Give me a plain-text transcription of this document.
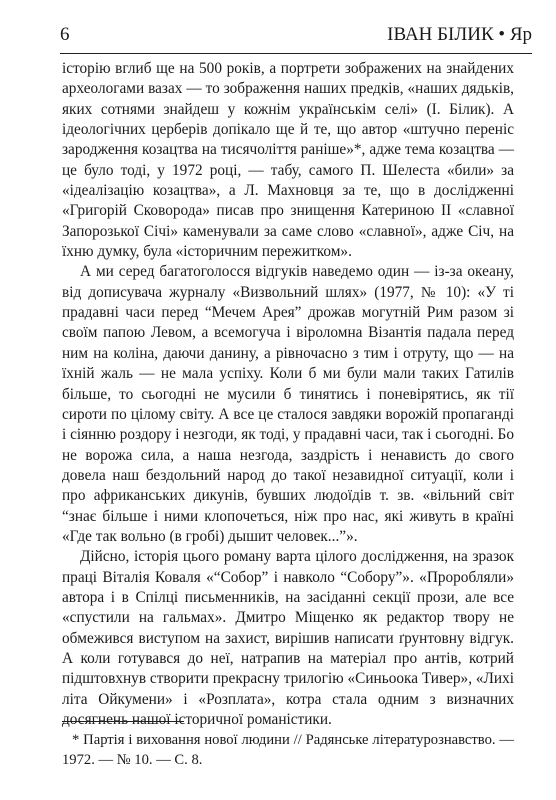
6	ІВАН БІЛИК • Яр

історію вглиб ще на 500 років, а портрети зображених на знайдених археологами вазах — то зображення наших предків, «наших дядьків, яких сотнями знайдеш у кожнім українськім селі» (І. Білик). А ідеологічних церберів допікало ще й те, що автор «штучно переніс зародження козацтва на тисячоліття раніше»*, адже тема козацтва — це було тоді, у 1972 році, — табу, самого П. Шелеста «били» за «ідеалізацію козацтва», а Л. Махновця за те, що в дослідженні «Григорій Сковорода» писав про знищення Катериною II «славної Запорозької Січі» каменували за саме слово «славної», адже Січ, на їхню думку, була «історичним пережитком».

А ми серед багатоголосся відгуків наведемо один — із-за океану, від дописувача журналу «Визвольний шлях» (1977, № 10): «У ті прадавні часи перед “Мечем Арея” дрожав могутній Рим разом зі своїм папою Левом, а всемогуча і віроломна Візантія падала перед ним на коліна, даючи данину, а рівночасно з тим і отруту, що — на їхній жаль — не мала успіху. Коли б ми були мали таких Гатилів більше, то сьогодні не мусили б тинятись і поневірятись, як тії сироти по цілому світу. А все це сталося завдяки ворожій пропаганді і сіянню роздору і незгоди, як тоді, у прадавні часи, так і сьогодні. Бо не ворожа сила, а наша незгода, заздрість і ненависть до свого довела наш бездольний народ до такої незавидної ситуації, коли і про африканських дикунів, бувших людоїдів т. зв. «вільний світ “знає більше і ними клопочеться, ніж про нас, які живуть в країні «Где так вольно (в гробі) дышит человек...”».

Дійсно, історія цього роману варта цілого дослідження, на зразок праці Віталія Коваля «“Собор” і навколо “Собору”». «Проробляли» автора і в Спілці письменників, на засіданні секції прози, але все «спустили на гальмах». Дмитро Міщенко як редактор твору не обмежився виступом на захист, вирішив написати ґрунтовну відгук. А коли готувався до неї, натрапив на матеріал про антів, котрий підштовхнув створити прекрасну трилогію «Синьоока Тивер», «Лихі літа Ойкумени» і «Розплата», котра стала одним з визначних досягнень нашої історичної романістики.

* Партія і виховання нової людини // Радянське літературознавство. — 1972. — № 10. — С. 8.
